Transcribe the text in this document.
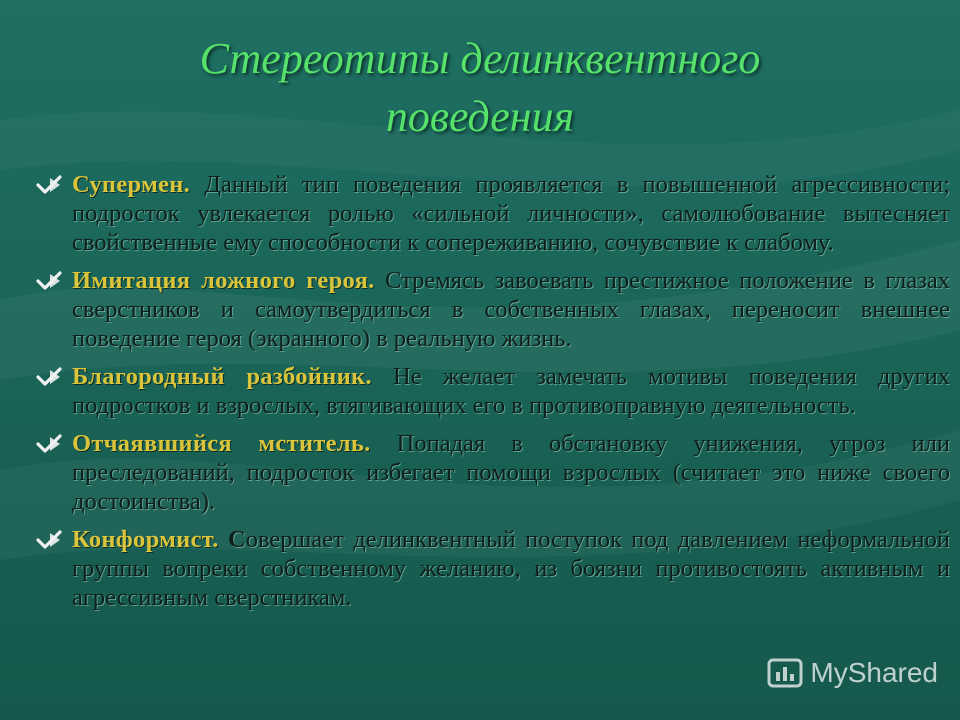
Стереотипы делинквентного
поведения
Супермен. Данный тип поведения проявляется в повышенной агрессивности; подросток увлекается ролью «сильной личности», самолюбование вытесняет свойственные ему способности к сопереживанию, сочувствие к слабому.
Имитация ложного героя. Стремясь завоевать престижное положение в глазах сверстников и самоутвердиться в собственных глазах, переносит внешнее поведение героя (экранного) в реальную жизнь.
Благородный разбойник. Не желает замечать мотивы поведения других подростков и взрослых, втягивающих его в противоправную деятельность.
Отчаявшийся мститель. Попадая в обстановку унижения, угроз или преследований, подросток избегает помощи взрослых (считает это ниже своего достоинства).
Конформист. Совершает делинквентный поступок под давлением неформальной группы вопреки собственному желанию, из боязни противостоять активным и агрессивным сверстникам.
MyShared
